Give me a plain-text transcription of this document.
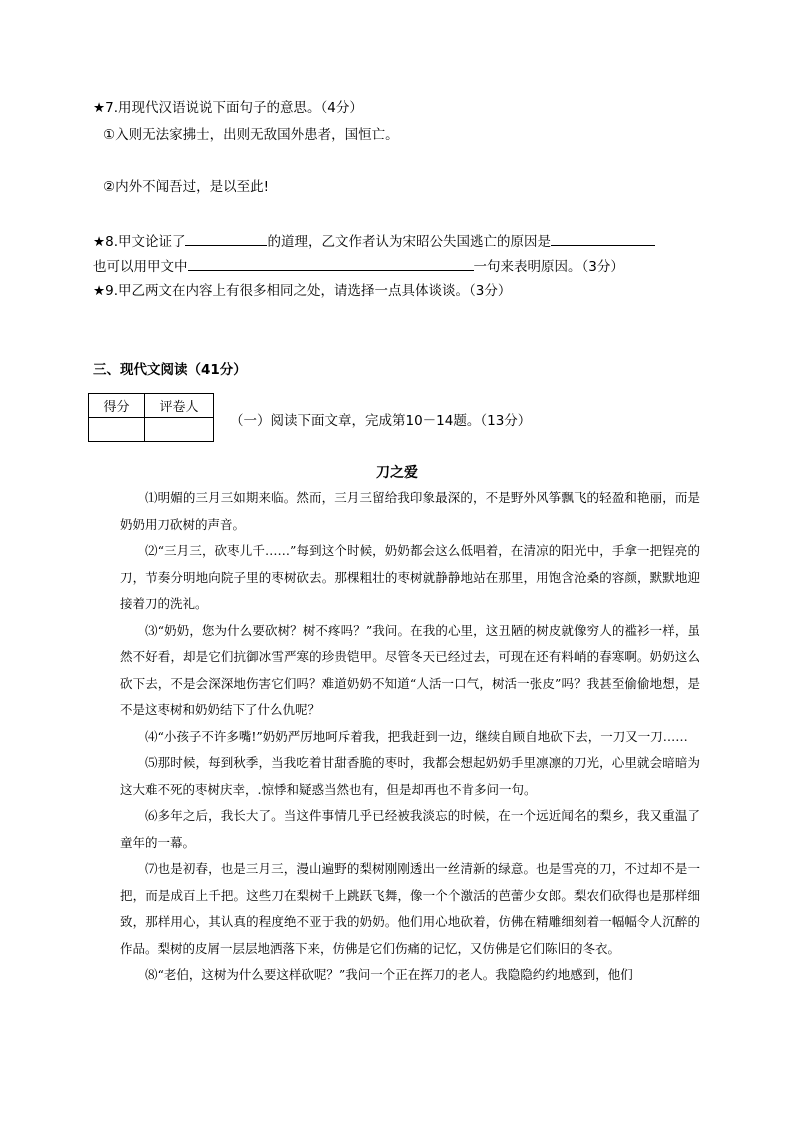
★7.用现代汉语说说下面句子的意思。（4分）
①入则无法家拂士，出则无敌国外患者，国恒亡。
②内外不闻吾过，是以至此!
★8.甲文论证了	的道理，乙文作者认为宋昭公失国逃亡的原因是
也可以用甲文中	一句来表明原因。（3分）
★9.甲乙两文在内容上有很多相同之处，请选择一点具体谈谈。（3分）
三、现代文阅读（41分）
得分	评卷人

（一）阅读下面文章，完成第10－14题。（13分）
刀之爱

⑴明媚的三月三如期来临。然而，三月三留给我印象最深的，不是野外风筝飘飞的轻盈和艳丽，而是奶奶用刀砍树的声音。

⑵“三月三，砍枣儿千……”每到这个时候，奶奶都会这么低唱着，在清凉的阳光中，手拿一把锃亮的刀，节奏分明地向院子里的枣树砍去。那棵粗壮的枣树就静静地站在那里，用饱含沧桑的容颜，默默地迎接着刀的洗礼。

⑶“奶奶，您为什么要砍树？树不疼吗？”我问。在我的心里，这丑陋的树皮就像穷人的褴衫一样，虽然不好看，却是它们抗御冰雪严寒的珍贵铠甲。尽管冬天已经过去，可现在还有料峭的春寒啊。奶奶这么砍下去，不是会深深地伤害它们吗？难道奶奶不知道“人活一口气，树活一张皮”吗？我甚至偷偷地想，是不是这枣树和奶奶结下了什么仇呢？

⑷“小孩子不许多嘴!”奶奶严厉地呵斥着我，把我赶到一边，继续自顾自地砍下去，一刀又一刀……

⑸那时候，每到秋季，当我吃着甘甜香脆的枣时，我都会想起奶奶手里凛凛的刀光，心里就会暗暗为这大难不死的枣树庆幸，.惊悸和疑惑当然也有，但是却再也不肯多问一句。

⑹多年之后，我长大了。当这件事情几乎已经被我淡忘的时候，在一个远近闻名的梨乡，我又重温了童年的一幕。

⑺也是初春，也是三月三，漫山遍野的梨树刚刚透出一丝清新的绿意。也是雪亮的刀，不过却不是一把，而是成百上千把。这些刀在梨树千上跳跃飞舞，像一个个激活的芭蕾少女郎。梨农们砍得也是那样细致，那样用心，其认真的程度绝不亚于我的奶奶。他们用心地砍着，仿佛在精雕细刻着一幅幅令人沉醉的作品。梨树的皮屑一层层地洒落下来，仿佛是它们伤痛的记忆，又仿佛是它们陈旧的冬衣。

⑻“老伯，这树为什么要这样砍呢？”我问一个正在挥刀的老人。我隐隐约约地感到，他们
